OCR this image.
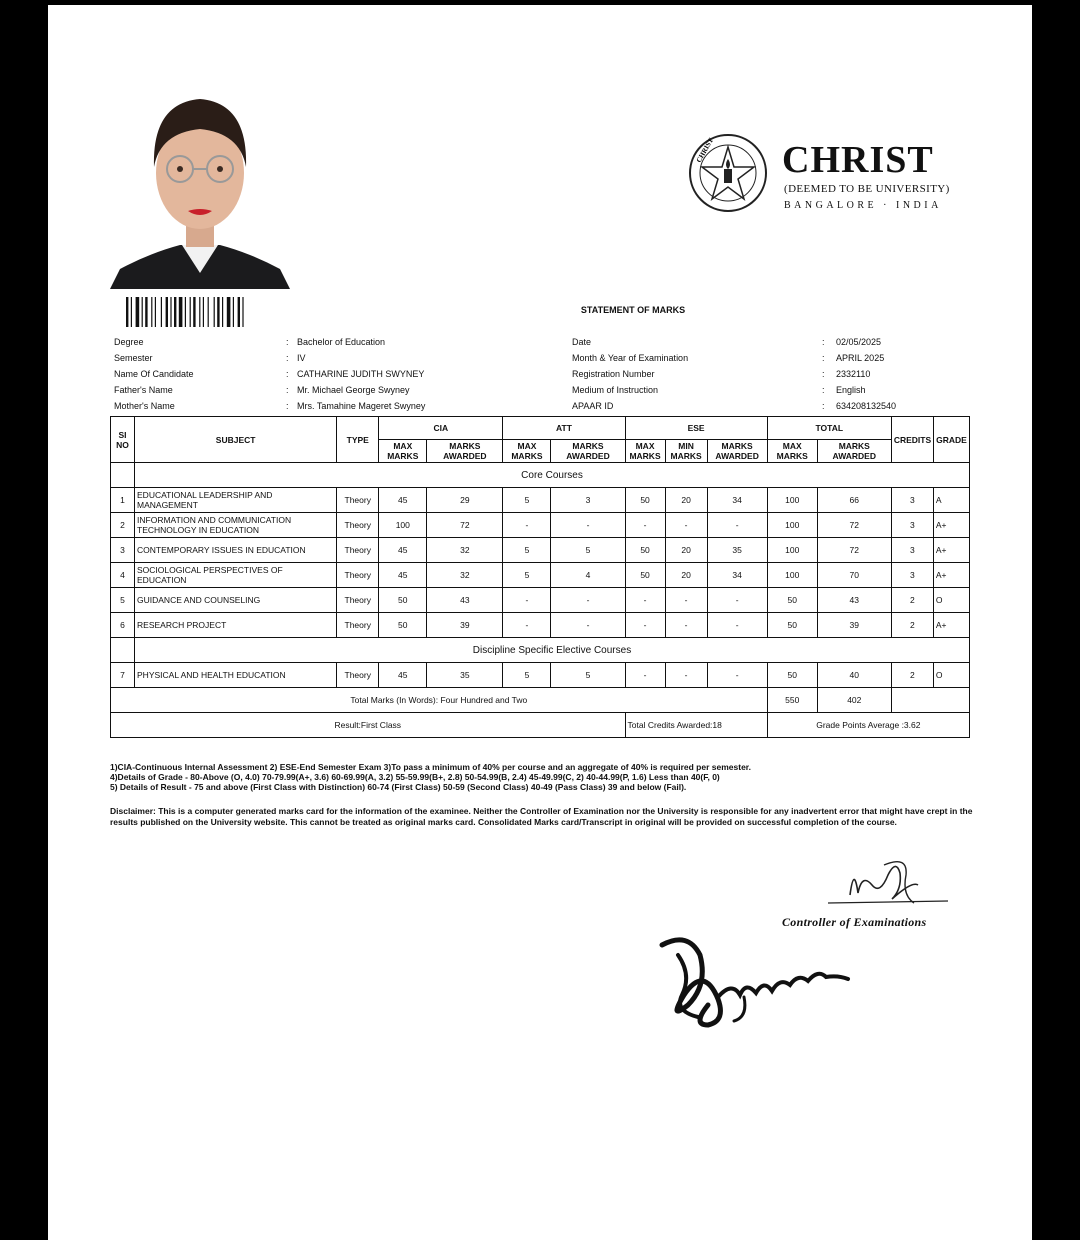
CHRIST CHRIST
(DEEMED TO BE UNIVERSITY)
BANGALORE · INDIA
STATEMENT OF MARKS
Degree	: Bachelor of Education
Semester	: IV
Name Of Candidate	: CATHARINE JUDITH SWYNEY
Father's Name	: Mr. Michael George Swyney
Mother's Name	: Mrs. Tamahine Mageret Swyney
Date	: 02/05/2025
Month & Year of Examination	: APRIL 2025
Registration Number	: 2332110
Medium of Instruction	: English
APAAR ID	: 634208132540
SI NO	SUBJECT	TYPE	CIA		ATT		ESE			TOTAL		CREDITS	GRADE
			MAX MARKS	MARKS AWARDED	MAX MARKS	MARKS AWARDED	MAX MARKS	MIN MARKS	MARKS AWARDED	MAX MARKS	MARKS AWARDED		
	Core Courses												
1	EDUCATIONAL LEADERSHIP AND MANAGEMENT	Theory	45	29	5	3	50	20	34	100	66	3	A
2	INFORMATION AND COMMUNICATION TECHNOLOGY IN EDUCATION	Theory	100	72	-	-	-	-	-	100	72	3	A+
3	CONTEMPORARY ISSUES IN EDUCATION	Theory	45	32	5	5	50	20	35	100	72	3	A+
4	SOCIOLOGICAL PERSPECTIVES OF EDUCATION	Theory	45	32	5	4	50	20	34	100	70	3	A+
5	GUIDANCE AND COUNSELING	Theory	50	43	-	-	-	-	-	50	43	2	O
6	RESEARCH PROJECT	Theory	50	39	-	-	-	-	-	50	39	2	A+
	Discipline Specific Elective Courses												
7	PHYSICAL AND HEALTH EDUCATION	Theory	45	35	5	5	-	-	-	50	40	2	O
Total Marks (In Words): Four Hundred and Two										550	402		
Result:First Class							Total Credits Awarded:18			Grade Points Average :3.62			
1)CIA-Continuous Internal Assessment 2) ESE-End Semester Exam 3)To pass a minimum of 40% per course and an aggregate of 40% is required per semester.
4)Details of Grade - 80-Above (O, 4.0) 70-79.99(A+, 3.6) 60-69.99(A, 3.2) 55-59.99(B+, 2.8) 50-54.99(B, 2.4) 45-49.99(C, 2) 40-44.99(P, 1.6) Less than 40(F, 0)
5) Details of Result - 75 and above (First Class with Distinction) 60-74 (First Class) 50-59 (Second Class) 40-49 (Pass Class) 39 and below (Fail).
Disclaimer: This is a computer generated marks card for the information of the examinee. Neither the Controller of Examination nor the University is responsible for any inadvertent error that might have crept in the results published on the University website. This cannot be treated as original marks card. Consolidated Marks card/Transcript in original will be provided on successful completion of the course.
Controller of Examinations
